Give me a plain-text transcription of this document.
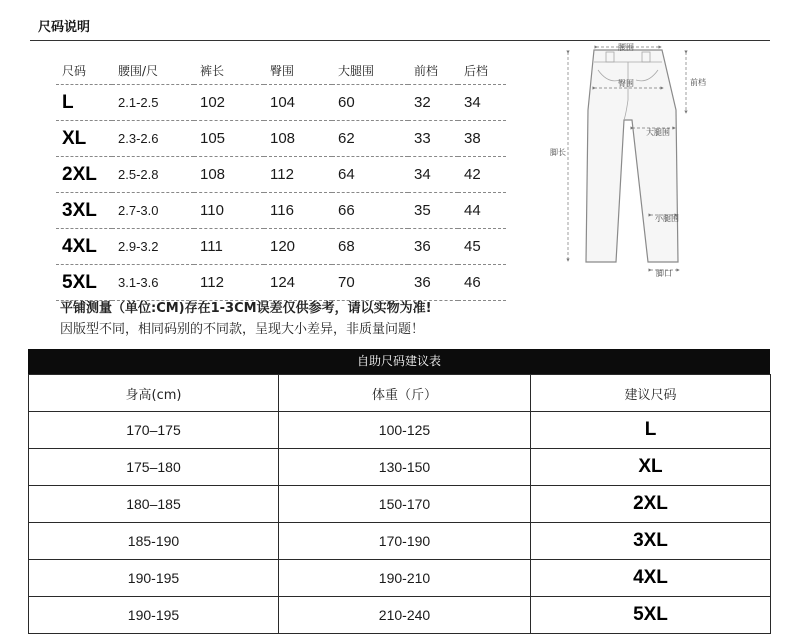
尺码说明
尺码	腰围/尺	裤长	臀围	大腿围	前档	后档
L	2.1-2.5	102	104	60	32	34
XL	2.3-2.6	105	108	62	33	38
2XL	2.5-2.8	108	112	64	34	42
3XL	2.7-3.0	110	116	66	35	44
4XL	2.9-3.2	111	120	68	36	45
5XL	3.1-3.6	112	124	70	36	46
平铺测量（单位:CM)存在1-3CM误差仅供参考，请以实物为准!
因版型不同，相同码别的不同款，呈现大小差异，非质量问题！
腰围
臀围	前档
脚长
大腿围
小腿围
脚口
自助尺码建议表
身高(cm)	体重（斤）	建议尺码
170–175	100-125	L
175–180	130-150	XL
180–185	150-170	2XL
185-190	170-190	3XL
190-195	190-210	4XL
190-195	210-240	5XL
